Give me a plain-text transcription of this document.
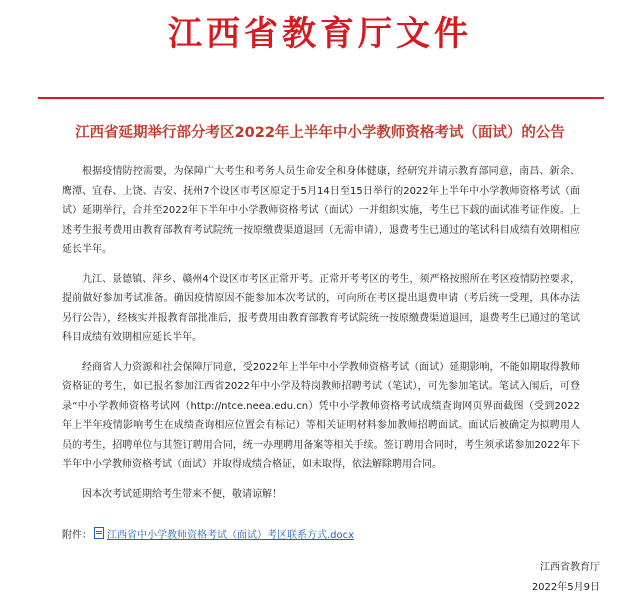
江西省教育厅文件
江西省延期举行部分考区2022年上半年中小学教师资格考试（面试）的公告

根据疫情防控需要，为保障广大考生和考务人员生命安全和身体健康，经研究并请示教育部同意，南昌、新余、鹰潭、宜春、上饶、吉安、抚州7个设区市考区原定于5月14日至15日举行的2022年上半年中小学教师资格考试（面试）延期举行，合并至2022年下半年中小学教师资格考试（面试）一并组织实施，考生已下载的面试准考证作废。上述考生报考费用由教育部教育考试院统一按原缴费渠道退回（无需申请），退费考生已通过的笔试科目成绩有效期相应延长半年。

九江、景德镇、萍乡、赣州4个设区市考区正常开考。正常开考考区的考生，须严格按照所在考区疫情防控要求，提前做好参加考试准备。确因疫情原因不能参加本次考试的，可向所在考区提出退费申请（考后统一受理，具体办法另行公告），经核实并报教育部批准后，报考费用由教育部教育考试院统一按原缴费渠道退回，退费考生已通过的笔试科目成绩有效期相应延长半年。

经商省人力资源和社会保障厅同意，受2022年上半年中小学教师资格考试（面试）延期影响，不能如期取得教师资格证的考生，如已报名参加江西省2022年中小学及特岗教师招聘考试（笔试），可先参加笔试。笔试入闱后，可登录“中小学教师资格考试网（http://ntce.neea.edu.cn）凭中小学教师资格考试成绩查询网页界面截图（受到2022年上半年疫情影响考生在成绩查询相应位置会有标记）等相关证明材料参加教师招聘面试。面试后被确定为拟聘用人员的考生，招聘单位与其签订聘用合同，统一办理聘用备案等相关手续。签订聘用合同时，考生须承诺参加2022年下半年中小学教师资格考试（面试）并取得成绩合格证，如未取得，依法解除聘用合同。

因本次考试延期给考生带来不便，敬请谅解！

附件： 江西省中小学教师资格考试（面试）考区联系方式.docx
江西省教育厅
2022年5月9日
